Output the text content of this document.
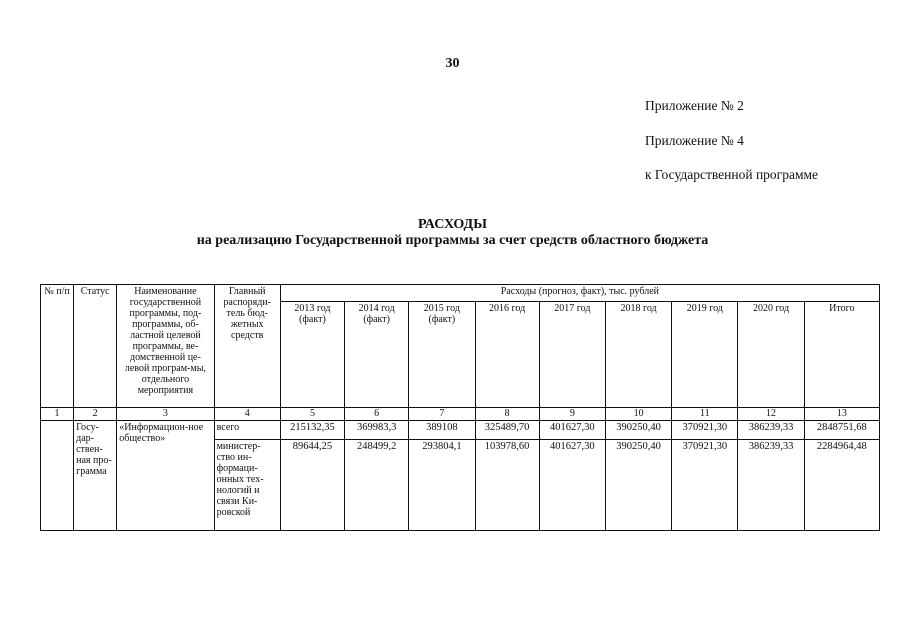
30
Приложение № 2
Приложение № 4
к Государственной программе
РАСХОДЫ
на реализацию Государственной программы за счет средств областного бюджета
№ п/п	Статус	Наименование государственной программы, под-программы, об-ластной целевой программы, ве-домственной це-левой програм-мы, отдельного мероприятия	Главный распоряди-тель бюд-жетных средств	Расходы (прогноз, факт), тыс. рублей								
				2013 год (факт)	2014 год (факт)	2015 год (факт)	2016 год	2017 год	2018 год	2019 год	2020 год	Итого
1	2	3	4	5	6	7	8	9	10	11	12	13
	Госу-дар-ствен-ная про-грамма	«Информацион-ное общество»	всего	215132,35	369983,3	389108	325489,70	401627,30	390250,40	370921,30	386239,33	2848751,68
			министер-ство ин-формаци-онных тех-нологий и связи Ки-ровской	89644,25	248499,2	293804,1	103978,60	401627,30	390250,40	370921,30	386239,33	2284964,48
